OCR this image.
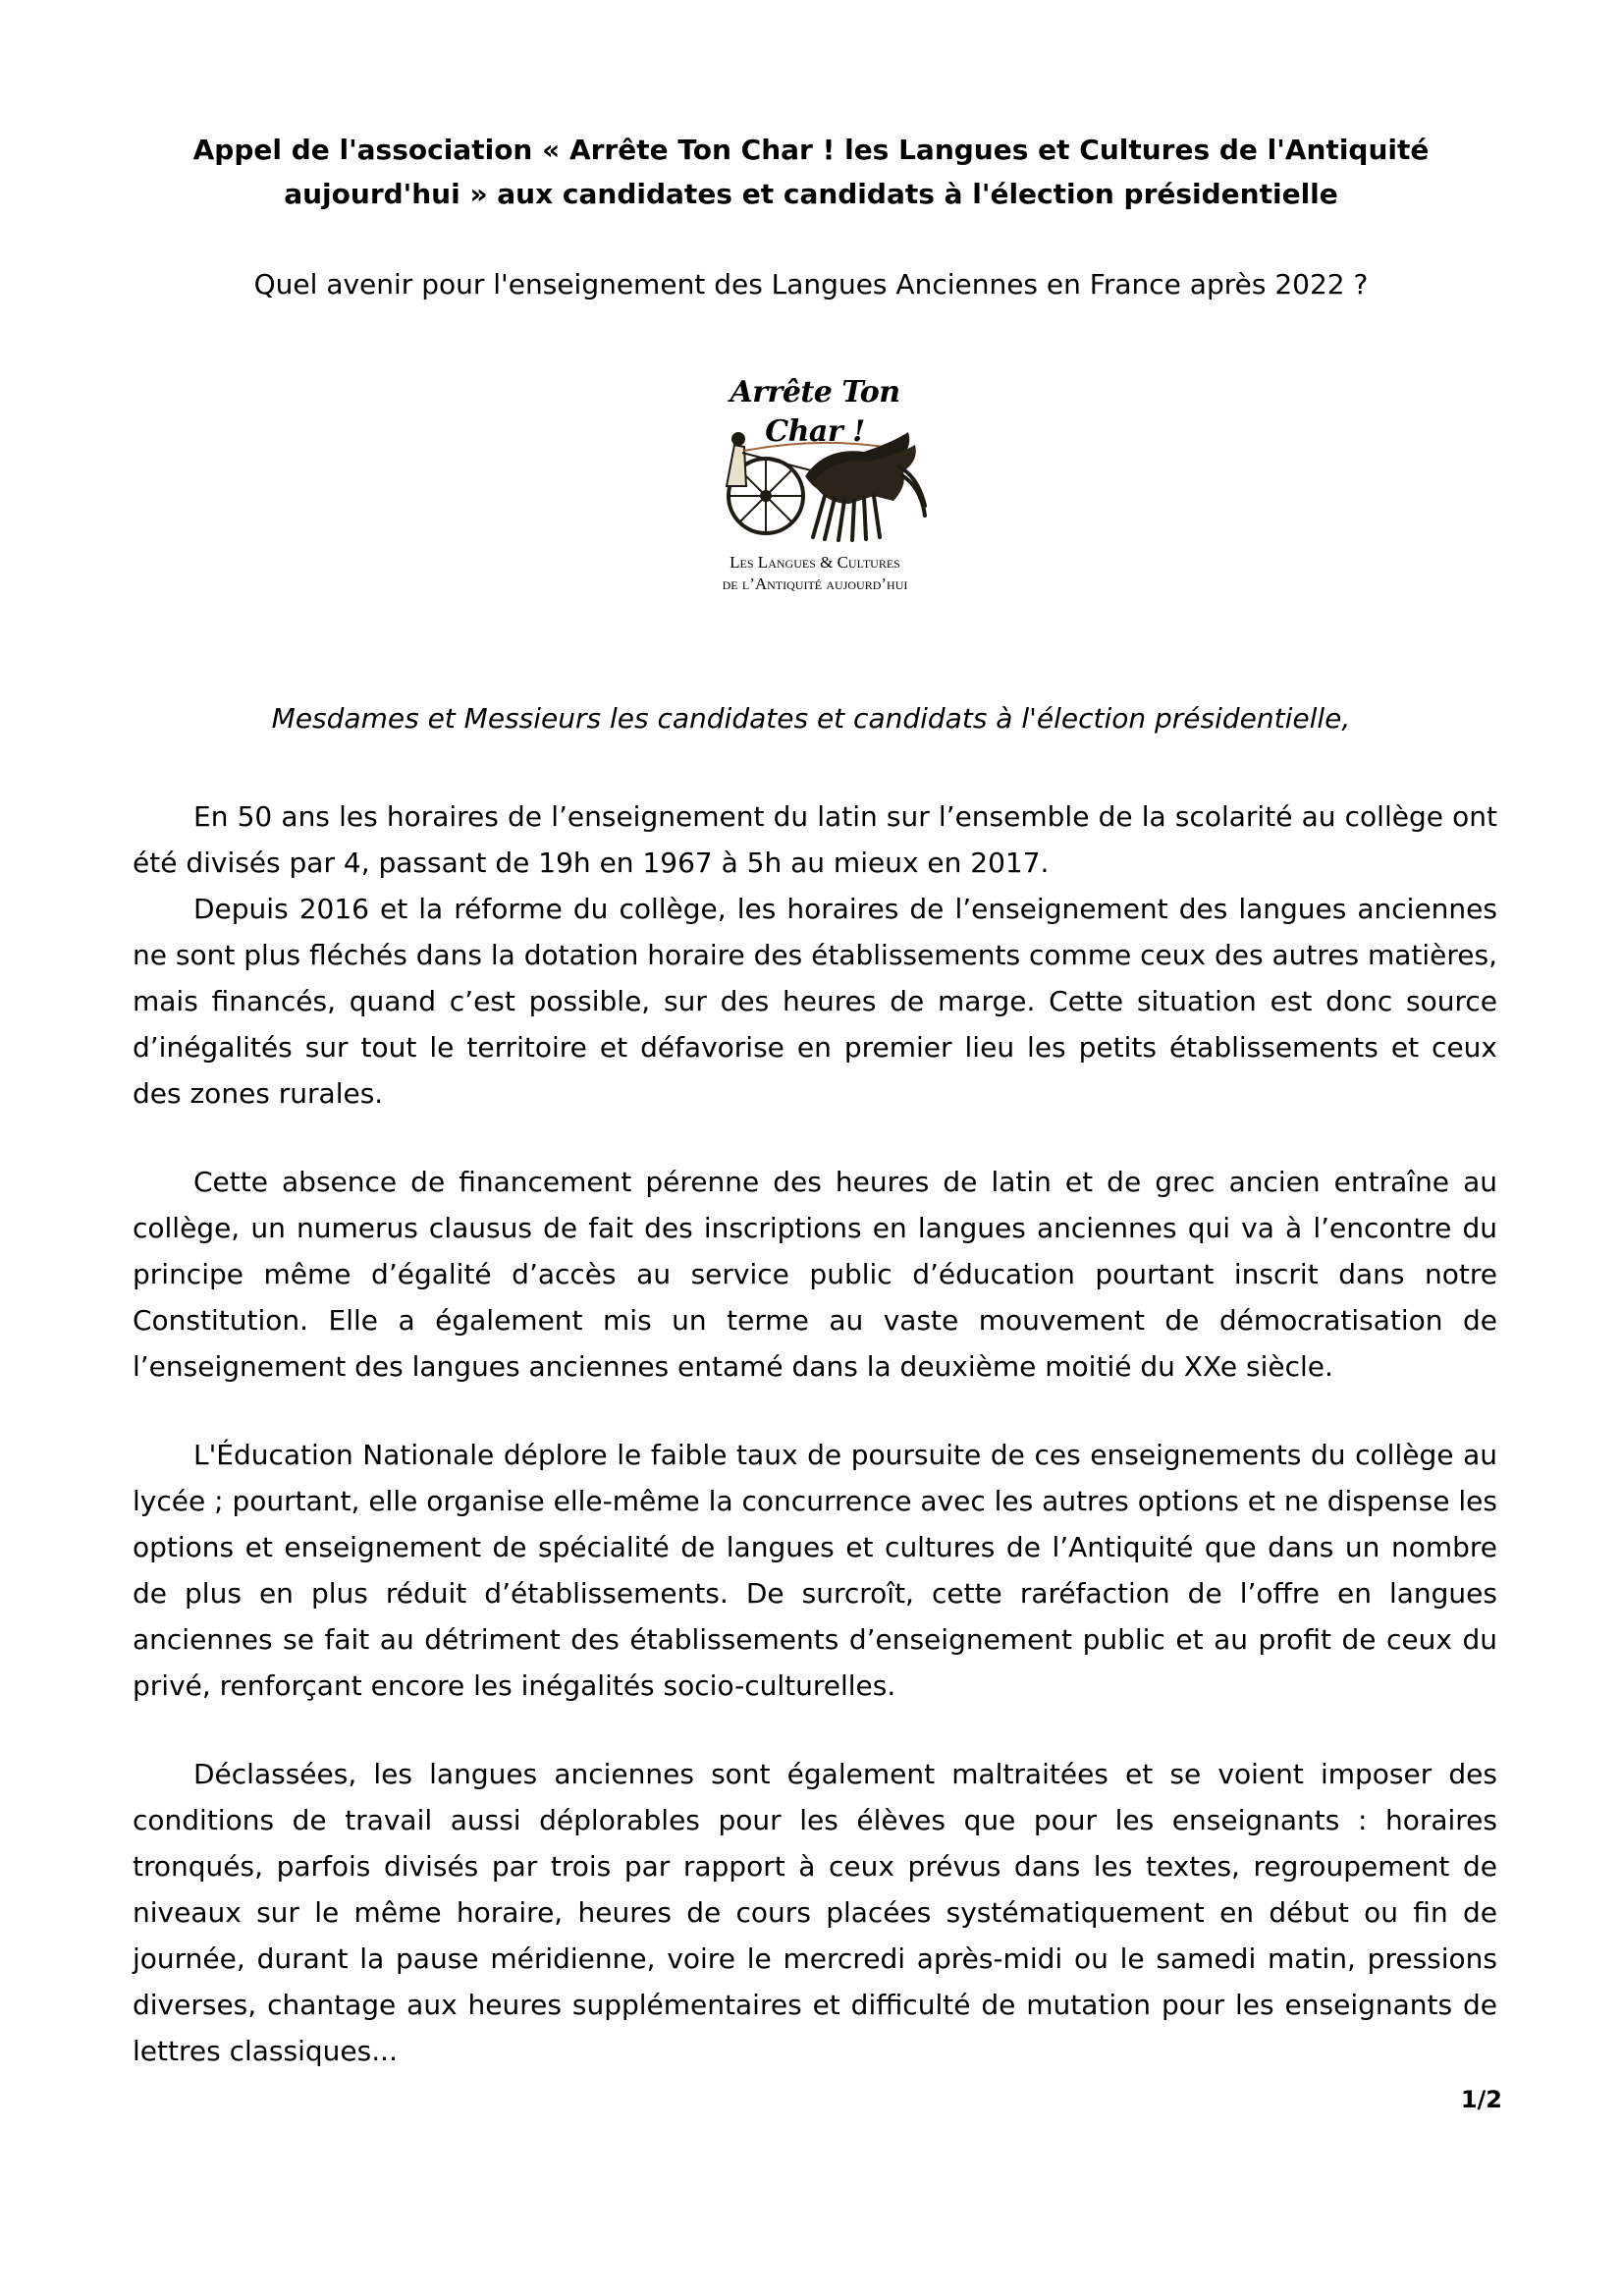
Appel de l'association « Arrête Ton Char ! les Langues et Cultures de l'Antiquité
aujourd'hui » aux candidates et candidats à l'élection présidentielle

Quel avenir pour l'enseignement des Langues Anciennes en France après 2022 ?

Arrête Ton Char !
Les Langues & Cultures
de l’Antiquité aujourd’hui

Mesdames et Messieurs les candidates et candidats à l'élection présidentielle,

En 50 ans les horaires de l’enseignement du latin sur l’ensemble de la scolarité au collège ont été divisés par 4, passant de 19h en 1967 à 5h au mieux en 2017.

Depuis 2016 et la réforme du collège, les horaires de l’enseignement des langues anciennes ne sont plus fléchés dans la dotation horaire des établissements comme ceux des autres matières, mais financés, quand c’est possible, sur des heures de marge. Cette situation est donc source d’inégalités sur tout le territoire et défavorise en premier lieu les petits établissements et ceux des zones rurales.

Cette absence de financement pérenne des heures de latin et de grec ancien entraîne au collège, un numerus clausus de fait des inscriptions en langues anciennes qui va à l’encontre du principe même d’égalité d’accès au service public d’éducation pourtant inscrit dans notre Constitution. Elle a également mis un terme au vaste mouvement de démocratisation de l’enseignement des langues anciennes entamé dans la deuxième moitié du XXe siècle.

L'Éducation Nationale déplore le faible taux de poursuite de ces enseignements du collège au lycée ; pourtant, elle organise elle-même la concurrence avec les autres options et ne dispense les options et enseignement de spécialité de langues et cultures de l’Antiquité que dans un nombre de plus en plus réduit d’établissements. De surcroît, cette raréfaction de l’offre en langues anciennes se fait au détriment des établissements d’enseignement public et au profit de ceux du privé, renforçant encore les inégalités socio-culturelles.

Déclassées, les langues anciennes sont également maltraitées et se voient imposer des conditions de travail aussi déplorables pour les élèves que pour les enseignants : horaires tronqués, parfois divisés par trois par rapport à ceux prévus dans les textes, regroupement de niveaux sur le même horaire, heures de cours placées systématiquement en début ou fin de journée, durant la pause méridienne, voire le mercredi après-midi ou le samedi matin, pressions diverses, chantage aux heures supplémentaires et difficulté de mutation pour les enseignants de lettres classiques...

1/2
